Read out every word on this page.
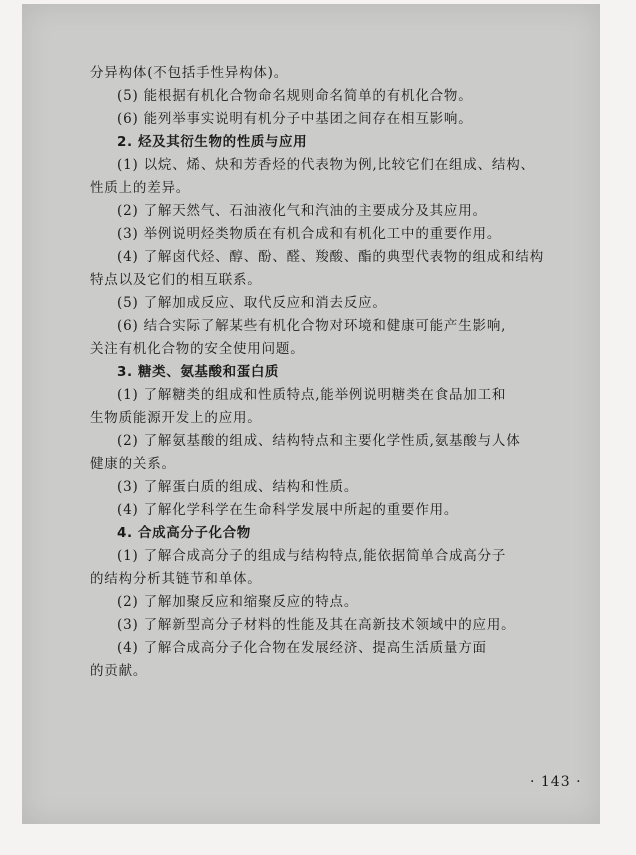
分异构体(不包括手性异构体)。
(5) 能根据有机化合物命名规则命名简单的有机化合物。
(6) 能列举事实说明有机分子中基团之间存在相互影响。
2. 烃及其衍生物的性质与应用
(1) 以烷、烯、炔和芳香烃的代表物为例,比较它们在组成、结构、
性质上的差异。
(2) 了解天然气、石油液化气和汽油的主要成分及其应用。
(3) 举例说明烃类物质在有机合成和有机化工中的重要作用。
(4) 了解卤代烃、醇、酚、醛、羧酸、酯的典型代表物的组成和结构
特点以及它们的相互联系。
(5) 了解加成反应、取代反应和消去反应。
(6) 结合实际了解某些有机化合物对环境和健康可能产生影响,
关注有机化合物的安全使用问题。
3. 糖类、氨基酸和蛋白质
(1) 了解糖类的组成和性质特点,能举例说明糖类在食品加工和
生物质能源开发上的应用。
(2) 了解氨基酸的组成、结构特点和主要化学性质,氨基酸与人体
健康的关系。
(3) 了解蛋白质的组成、结构和性质。
(4) 了解化学科学在生命科学发展中所起的重要作用。
4. 合成高分子化合物
(1) 了解合成高分子的组成与结构特点,能依据简单合成高分子
的结构分析其链节和单体。
(2) 了解加聚反应和缩聚反应的特点。
(3) 了解新型高分子材料的性能及其在高新技术领域中的应用。
(4) 了解合成高分子化合物在发展经济、提高生活质量方面
的贡献。
· 143 ·
